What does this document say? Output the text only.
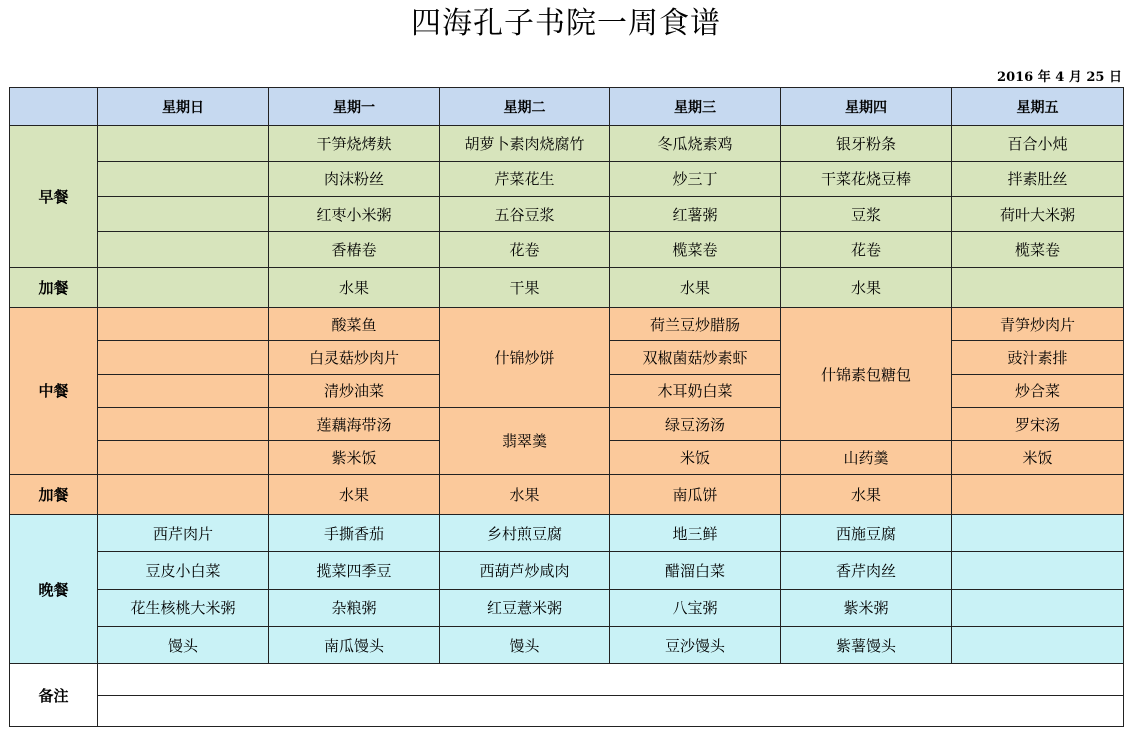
四海孔子书院一周食谱
2016 年 4 月 25 日
	星期日	星期一	星期二	星期三	星期四	星期五
早餐		干笋烧烤麸	胡萝卜素肉烧腐竹	冬瓜烧素鸡	银牙粉条	百合小炖
		肉沫粉丝	芹菜花生	炒三丁	干菜花烧豆棒	拌素肚丝
		红枣小米粥	五谷豆浆	红薯粥	豆浆	荷叶大米粥
		香椿卷	花卷	榄菜卷	花卷	榄菜卷
加餐		水果	干果	水果	水果	
中餐		酸菜鱼	什锦炒饼	荷兰豆炒腊肠	什锦素包糖包	青笋炒肉片
		白灵菇炒肉片		双椒菌菇炒素虾		豉汁素排
		清炒油菜		木耳奶白菜		炒合菜
		莲藕海带汤	翡翠羹	绿豆汤汤		罗宋汤
		紫米饭		米饭	山药羹	米饭
加餐		水果	水果	南瓜饼	水果	
晚餐	西芹肉片	手撕香茄	乡村煎豆腐	地三鲜	西施豆腐	
	豆皮小白菜	揽菜四季豆	西葫芦炒咸肉	醋溜白菜	香芹肉丝	
	花生核桃大米粥	杂粮粥	红豆薏米粥	八宝粥	紫米粥	
	馒头	南瓜馒头	馒头	豆沙馒头	紫薯馒头	
备注						
